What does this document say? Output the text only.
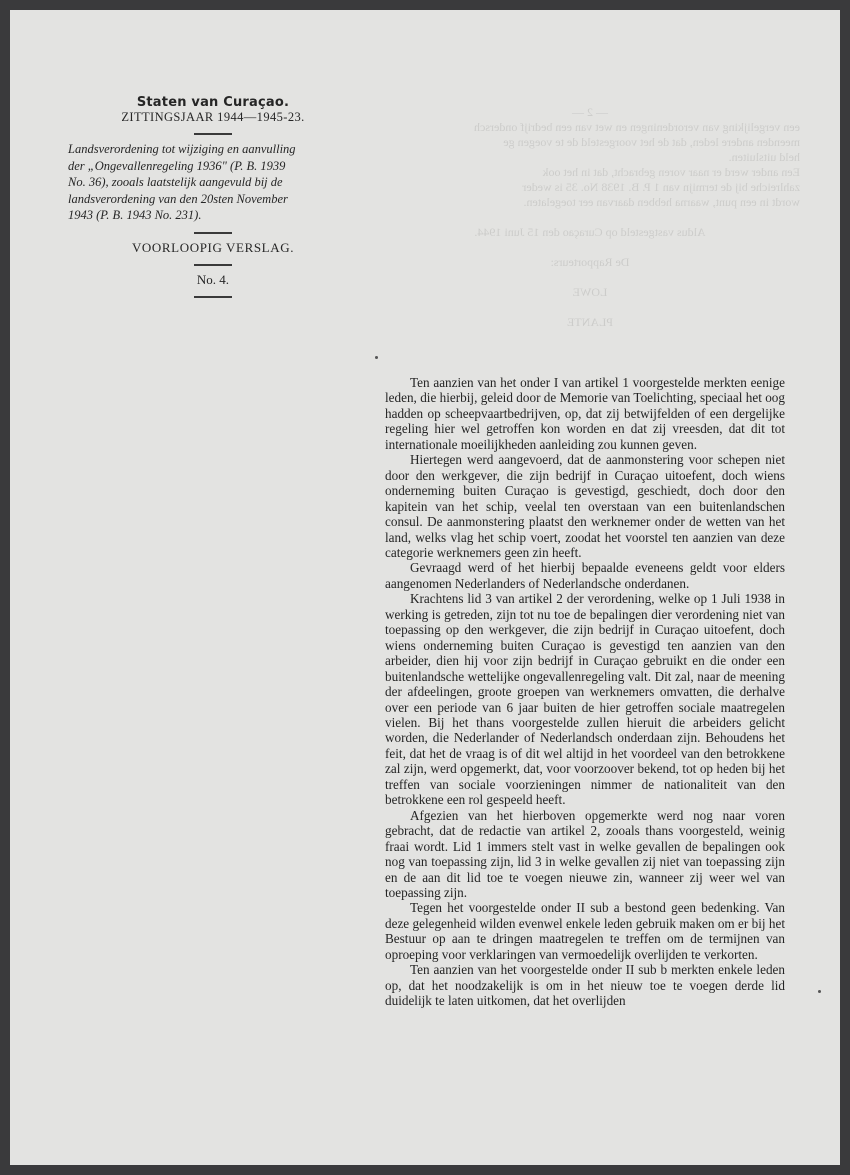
Staten van Curaçao.
ZITTINGSJAAR 1944—1945-23.
Landsverordening tot wijziging en aanvulling
der „Ongevallenregeling 1936" (P. B. 1939
No. 36), zooals laatstelijk aangevuld bij de
landsverordening van den 20sten November
1943 (P. B. 1943 No. 231).
VOORLOOPIG VERSLAG.
No. 4.
— 2 —
een vergelijking van verordeningen en wet van een bedrijf ondersch
meenden andere leden, dat de het voorgesteld de te voegen ge
held uitsluiten.
Een ander werd er naar voren gebracht, dat in het ook
zahlreiche bij de termijn van 1 P. B. 1938 No. 35 is weder
wordt in een punt, waarna hebben daarvan eer toegelaten.

Aldus vastgesteld op Curaçao den 15 Juni 1944.

De Rapporteurs:

LOWE

PLANTE

Ten aanzien van het onder I van artikel 1 voorgestelde merkten eenige leden, die hierbij, geleid door de Memorie van Toelichting, speciaal het oog hadden op scheepvaartbedrijven, op, dat zij betwijfelden of een dergelijke regeling hier wel getroffen kon worden en dat zij vreesden, dat dit tot internationale moeilijkheden aanleiding zou kunnen geven.

Hiertegen werd aangevoerd, dat de aanmonstering voor schepen niet door den werkgever, die zijn bedrijf in Curaçao uitoefent, doch wiens onderneming buiten Curaçao is gevestigd, geschiedt, doch door den kapitein van het schip, veelal ten overstaan van een buitenlandschen consul. De aanmonstering plaatst den werknemer onder de wetten van het land, welks vlag het schip voert, zoodat het voorstel ten aanzien van deze categorie werknemers geen zin heeft.

Gevraagd werd of het hierbij bepaalde eveneens geldt voor elders aangenomen Nederlanders of Nederlandsche onderdanen.

Krachtens lid 3 van artikel 2 der verordening, welke op 1 Juli 1938 in werking is getreden, zijn tot nu toe de bepalingen dier verordening niet van toepassing op den werkgever, die zijn bedrijf in Curaçao uitoefent, doch wiens onderneming buiten Curaçao is gevestigd ten aanzien van den arbeider, dien hij voor zijn bedrijf in Curaçao gebruikt en die onder een buitenlandsche wettelijke ongevallenregeling valt. Dit zal, naar de meening der afdeelingen, groote groepen van werknemers omvatten, die derhalve over een periode van 6 jaar buiten de hier getroffen sociale maatregelen vielen. Bij het thans voorgestelde zullen hieruit die arbeiders gelicht worden, die Nederlander of Nederlandsch onderdaan zijn. Behoudens het feit, dat het de vraag is of dit wel altijd in het voordeel van den betrokkene zal zijn, werd opgemerkt, dat, voor voorzoover bekend, tot op heden bij het treffen van sociale voorzieningen nimmer de nationaliteit van den betrokkene een rol gespeeld heeft.

Afgezien van het hierboven opgemerkte werd nog naar voren gebracht, dat de redactie van artikel 2, zooals thans voorgesteld, weinig fraai wordt. Lid 1 immers stelt vast in welke gevallen de bepalingen ook nog van toepassing zijn, lid 3 in welke gevallen zij niet van toepassing zijn en de aan dit lid toe te voegen nieuwe zin, wanneer zij weer wel van toepassing zijn.

Tegen het voorgestelde onder II sub a bestond geen bedenking. Van deze gelegenheid wilden evenwel enkele leden gebruik maken om er bij het Bestuur op aan te dringen maatregelen te treffen om de termijnen van oproeping voor verklaringen van vermoedelijk overlijden te verkorten.

Ten aanzien van het voorgestelde onder II sub b merkten enkele leden op, dat het noodzakelijk is om in het nieuw toe te voegen derde lid duidelijk te laten uitkomen, dat het overlijden
